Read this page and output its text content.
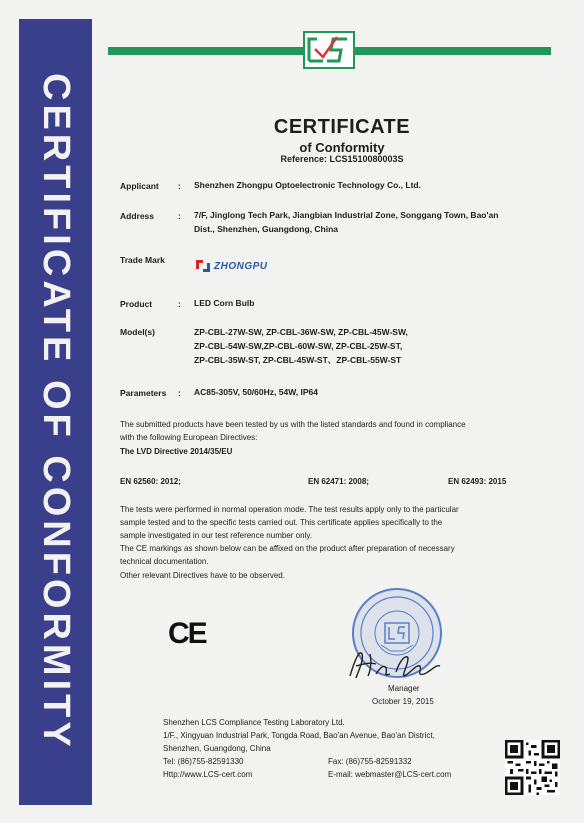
CERTIFICATE OF CONFORMITY	CERTIFICATE
of Conformity
Reference: LCS1510080003S
Applicant : Shenzhen Zhongpu Optoelectronic Technology Co., Ltd.
Address	: 7/F, Jinglong Tech Park, Jiangbian Industrial Zone, Songgang Town, Bao'an
Dist., Shenzhen, Guangdong, China
Trade Mark
ZHONGPU
Product	: LED Corn Bulb
Model(s)	ZP-CBL-27W-SW, ZP-CBL-36W-SW, ZP-CBL-45W-SW,
ZP-CBL-54W-SW,ZP-CBL-60W-SW, ZP-CBL-25W-ST,
ZP-CBL-35W-ST, ZP-CBL-45W-ST、ZP-CBL-55W-ST
Parameters : AC85-305V, 50/60Hz, 54W, IP64
The submitted products have been tested by us with the listed standards and found in compliance
with the following European Directives:
The LVD Directive 2014/35/EU
EN 62560: 2012;	EN 62471: 2008;	EN 62493: 2015
The tests were performed in normal operation mode. The test results apply only to the particular
sample tested and to the specific tests carried out. This certificate applies specifically to the
sample investigated in our test reference number only.
The CE markings as shown below can be affixed on the product after preparation of necessary
technical documentation.
Other relevant Directives have to be observed.
CE
Manager
October 19, 2015
Shenzhen LCS Compliance Testing Laboratory Ltd.
1/F., Xingyuan Industrial Park, Tongda Road, Bao'an Avenue, Bao'an District,
Shenzhen, Guangdong, China
Tel: (86)755-82591330	Fax: (86)755-82591332
Http://www.LCS-cert.com	E-mail: webmaster@LCS-cert.com
